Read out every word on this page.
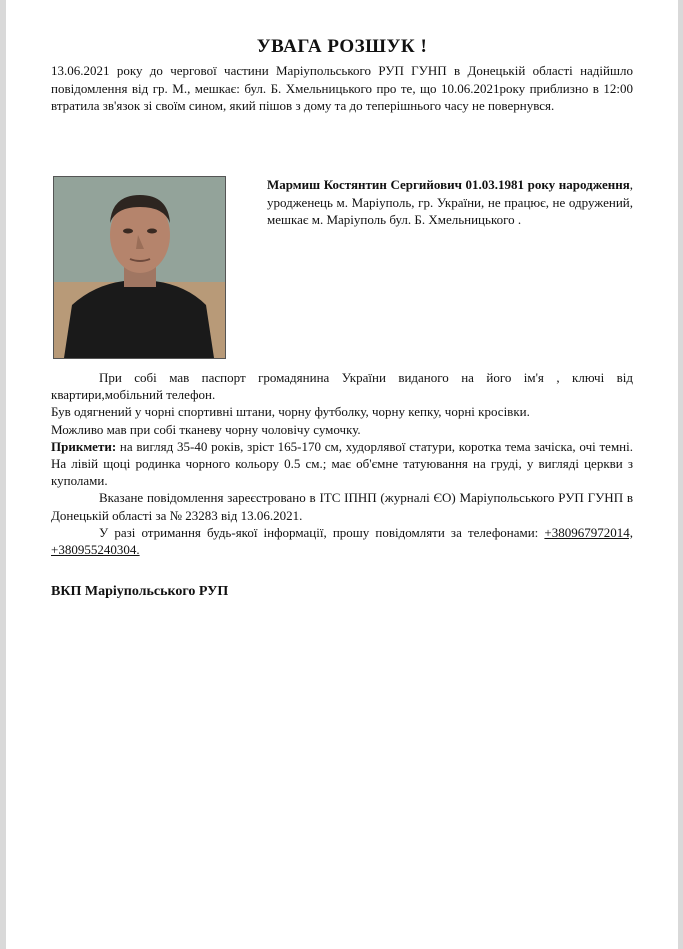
УВАГА РОЗШУК !
13.06.2021 року до чергової частини Маріупольського РУП ГУНП в Донецькій області надійшло повідомлення від гр. М., мешкає: бул. Б. Хмельницького про те, що 10.06.2021року приблизно в 12:00 втратила зв'язок зі своїм сином, який пішов з дому та до теперішнього часу не повернувся.
Мармиш Костянтин Сергийович 01.03.1981 року народження, уродженець м. Маріуполь, гр. України, не працює, не одружений, мешкає м. Маріуполь бул. Б. Хмельницького .

При собі мав паспорт громадянина України виданого на його ім'я , ключі від квартири,мобільний телефон.

Був одягнений у чорні спортивні штани, чорну футболку, чорну кепку, чорні кросівки.

Можливо мав при собі тканеву чорну чоловічу сумочку.

Прикмети: на вигляд 35-40 років, зріст 165-170 см, худорлявої статури, коротка тема зачіска, очі темні. На лівій щоці родинка чорного кольору 0.5 см.; має об'ємне татуювання на груді, у вигляді церкви з куполами.

Вказане повідомлення зареєстровано в ІТС ІПНП (журналі ЄО) Маріупольського РУП ГУНП в Донецькій області за № 23283 від 13.06.2021.

У разі отримання будь-якої інформації, прошу повідомляти за телефонами: +380967972014, +380955240304.

ВКП Маріупольського РУП
